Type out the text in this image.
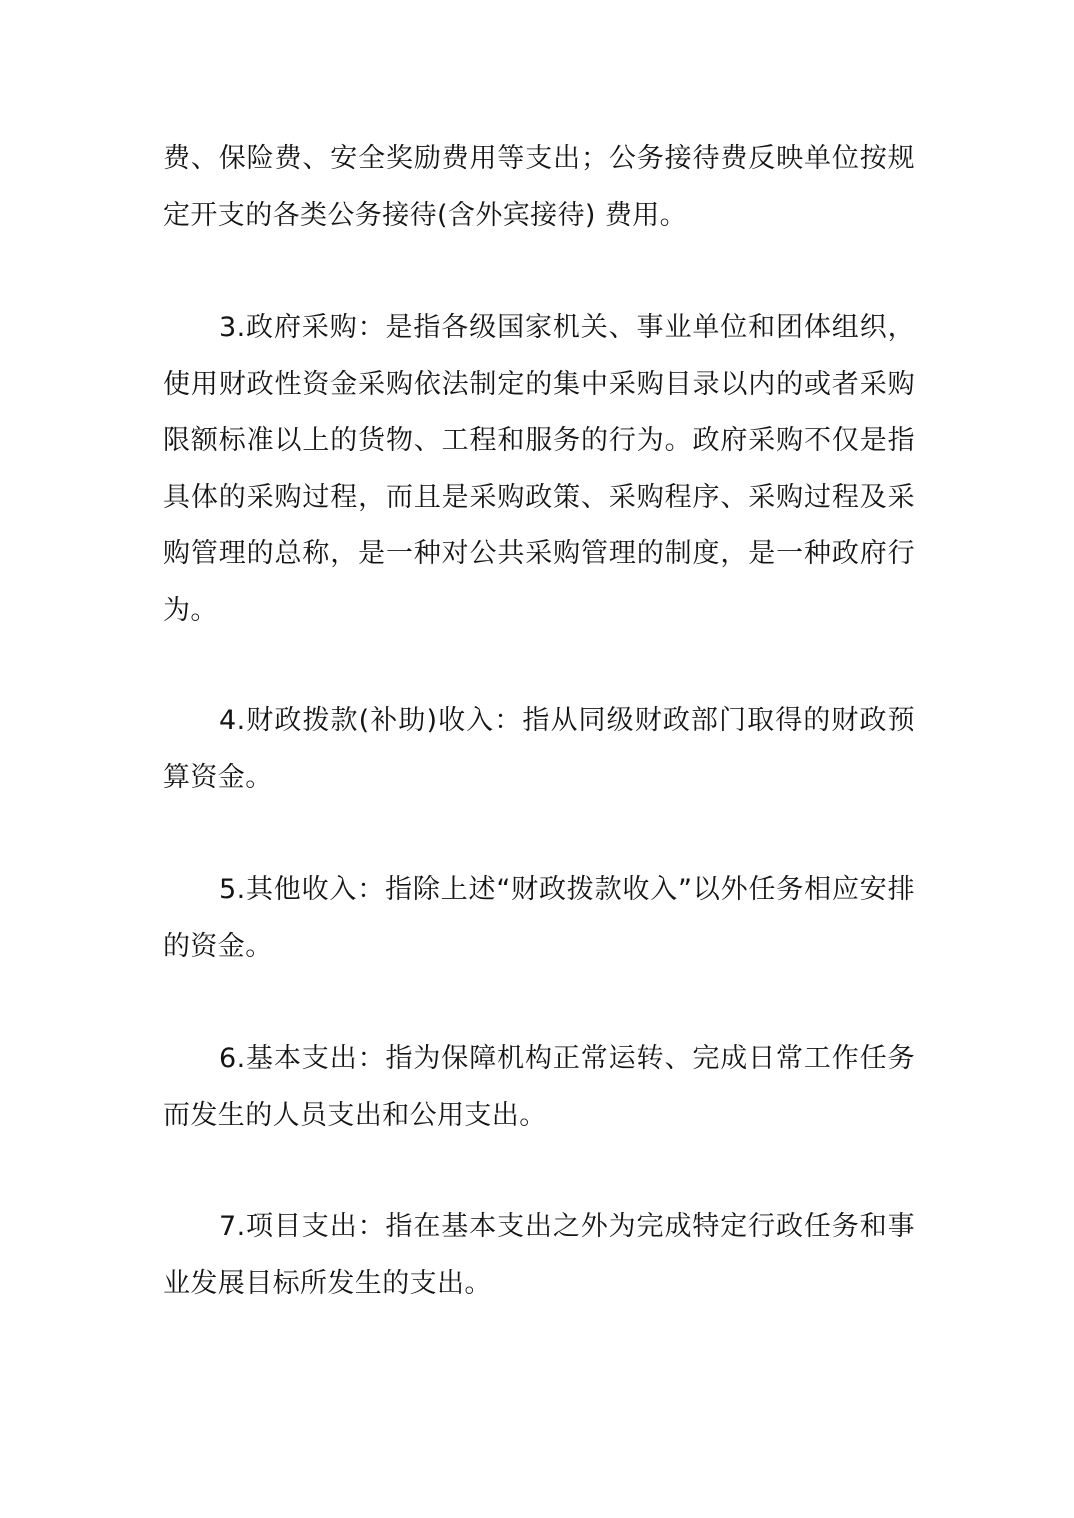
费、保险费、安全奖励费用等支出；公务接待费反映单位按规定开支的各类公务接待(含外宾接待) 费用。

3.政府采购：是指各级国家机关、事业单位和团体组织，使用财政性资金采购依法制定的集中采购目录以内的或者采购限额标准以上的货物、工程和服务的行为。政府采购不仅是指具体的采购过程，而且是采购政策、采购程序、采购过程及采购管理的总称，是一种对公共采购管理的制度，是一种政府行为。

4.财政拨款(补助)收入：指从同级财政部门取得的财政预算资金。

5.其他收入：指除上述“财政拨款收入”以外任务相应安排的资金。

6.基本支出：指为保障机构正常运转、完成日常工作任务而发生的人员支出和公用支出。

7.项目支出：指在基本支出之外为完成特定行政任务和事业发展目标所发生的支出。
